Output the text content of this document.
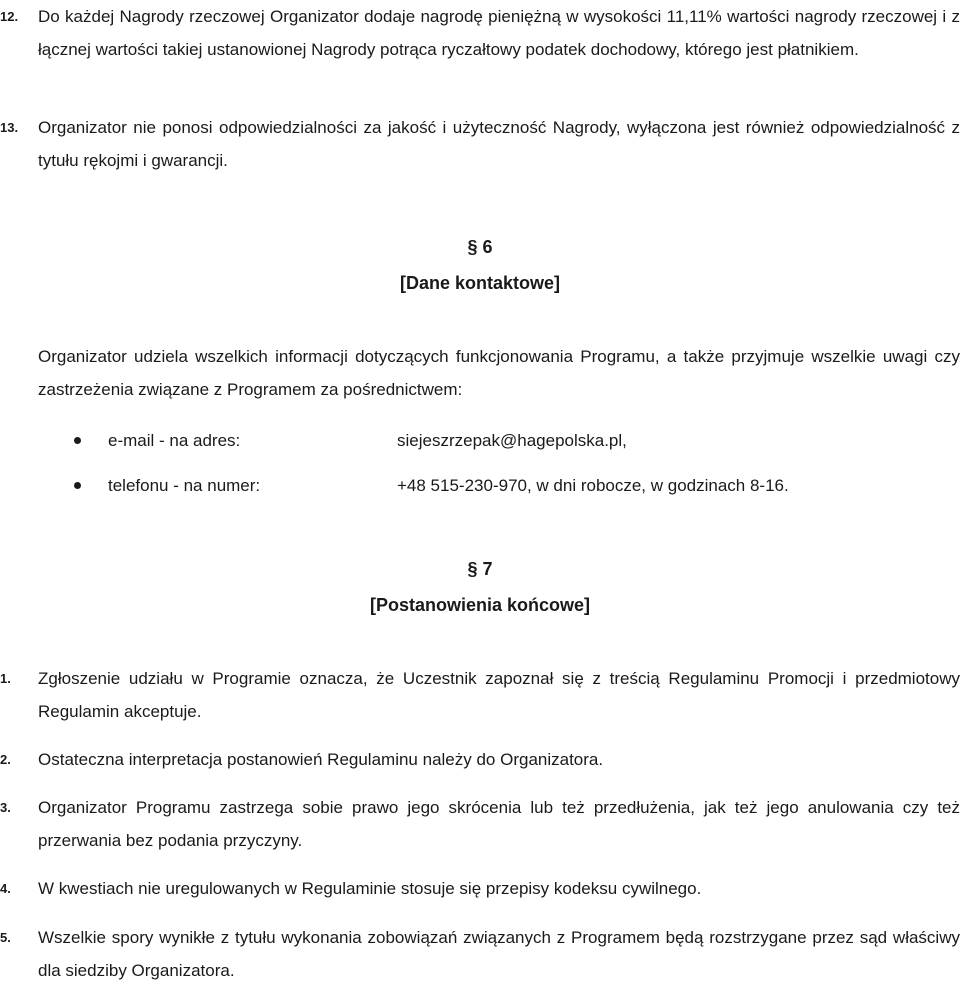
12.	Do każdej Nagrody rzeczowej Organizator dodaje nagrodę pieniężną w wysokości 11,11% wartości nagrody rzeczowej i z łącznej wartości takiej ustanowionej Nagrody potrąca ryczałtowy podatek dochodowy, którego jest płatnikiem.
13.	Organizator nie ponosi odpowiedzialności za jakość i użyteczność Nagrody, wyłączona jest również odpowiedzialność z tytułu rękojmi i gwarancji.
§ 6
[Dane kontaktowe]
Organizator udziela wszelkich informacji dotyczących funkcjonowania Programu, a także przyjmuje wszelkie uwagi czy zastrzeżenia związane z Programem za pośrednictwem:
e-mail - na adres:	siejeszrzepak@hagepolska.pl,
telefonu - na numer:	+48 515-230-970, w dni robocze, w godzinach 8-16.
§ 7
[Postanowienia końcowe]
1.	Zgłoszenie udziału w Programie oznacza, że Uczestnik zapoznał się z treścią Regulaminu Promocji i przedmiotowy Regulamin akceptuje.
2.	Ostateczna interpretacja postanowień Regulaminu należy do Organizatora.
3.	Organizator Programu zastrzega sobie prawo jego skrócenia lub też przedłużenia, jak też jego anulowania czy też przerwania bez podania przyczyny.
4.	W kwestiach nie uregulowanych w Regulaminie stosuje się przepisy kodeksu cywilnego.
5.	Wszelkie spory wynikłe z tytułu wykonania zobowiązań związanych z Programem będą rozstrzygane przez sąd właściwy dla siedziby Organizatora.
